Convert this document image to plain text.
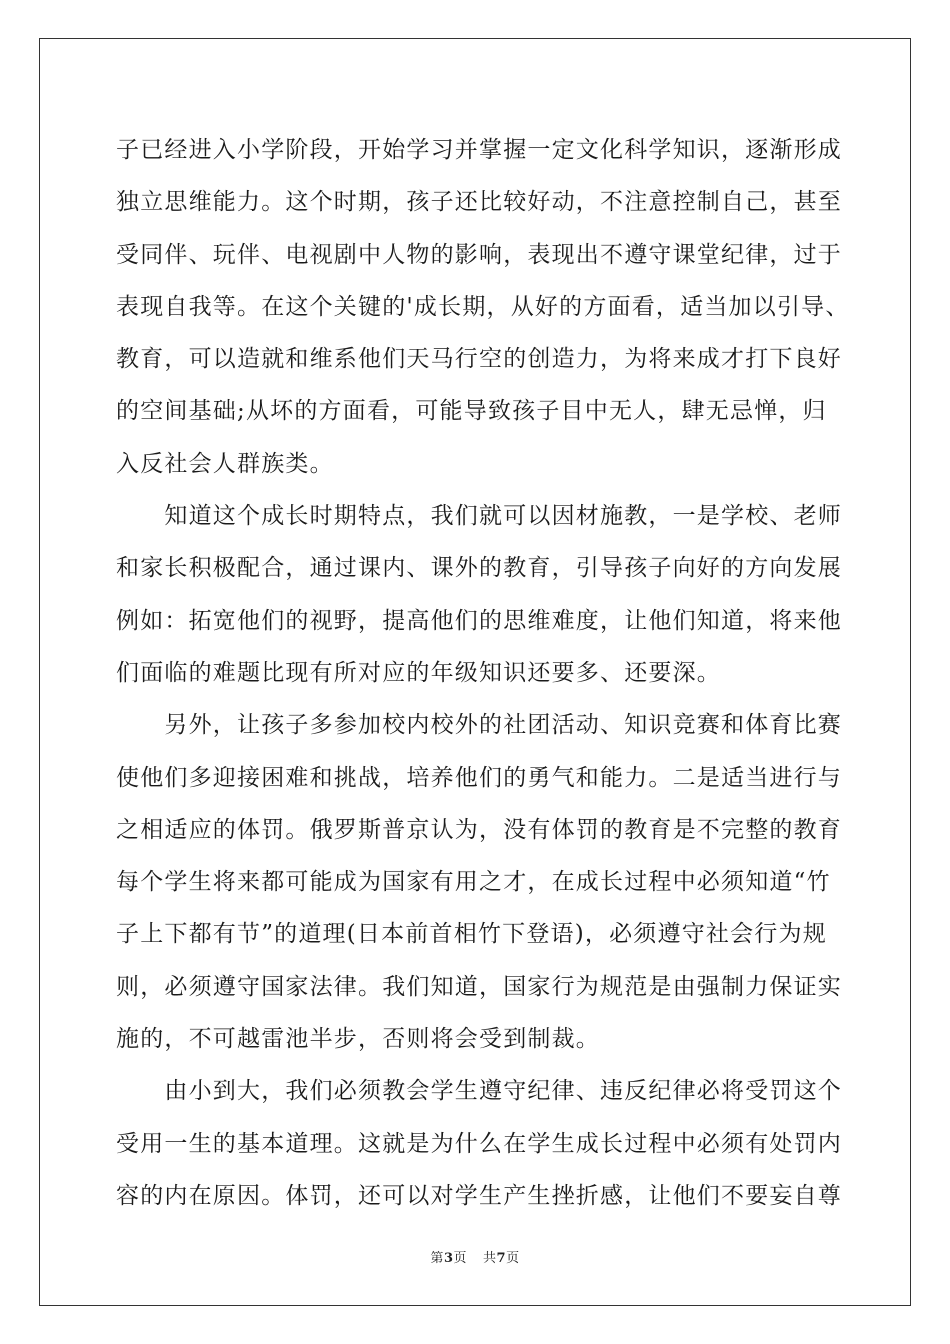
子已经进入小学阶段，开始学习并掌握一定文化科学知识，逐渐形成
独立思维能力。这个时期，孩子还比较好动，不注意控制自己，甚至
受同伴、玩伴、电视剧中人物的影响，表现出不遵守课堂纪律，过于
表现自我等。在这个关键的'成长期，从好的方面看，适当加以引导、
教育，可以造就和维系他们天马行空的创造力，为将来成才打下良好
的空间基础;从坏的方面看，可能导致孩子目中无人，肆无忌惮，归
入反社会人群族类。
　　知道这个成长时期特点，我们就可以因材施教，一是学校、老师
和家长积极配合，通过课内、课外的教育，引导孩子向好的方向发展
例如：拓宽他们的视野，提高他们的思维难度，让他们知道，将来他
们面临的难题比现有所对应的年级知识还要多、还要深。
　　另外，让孩子多参加校内校外的社团活动、知识竞赛和体育比赛
使他们多迎接困难和挑战，培养他们的勇气和能力。二是适当进行与
之相适应的体罚。俄罗斯普京认为，没有体罚的教育是不完整的教育
每个学生将来都可能成为国家有用之才，在成长过程中必须知道“竹
子上下都有节”的道理(日本前首相竹下登语)，必须遵守社会行为规
则，必须遵守国家法律。我们知道，国家行为规范是由强制力保证实
施的，不可越雷池半步，否则将会受到制裁。
　　由小到大，我们必须教会学生遵守纪律、违反纪律必将受罚这个
受用一生的基本道理。这就是为什么在学生成长过程中必须有处罚内
容的内在原因。体罚，还可以对学生产生挫折感，让他们不要妄自尊
第3页 共7页
